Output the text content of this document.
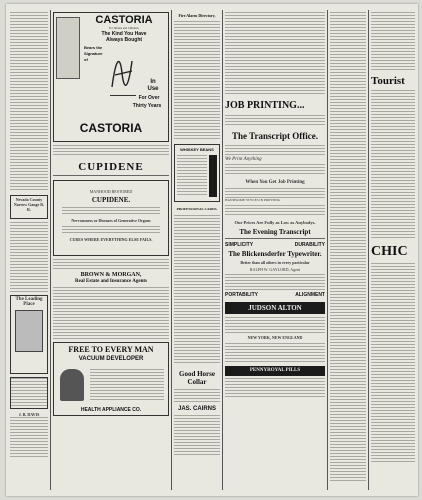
Nevada County Narrow Gauge R. R.
The Leading Place
J. B. DAVIS
CASTORIA
For Infants and Children.
The Kind You Have
Always Bought
Bears the
Signature
of
In
Use
For Over
Thirty Years
CASTORIA
CUPIDENE
MANHOOD RESTORED
CUPIDENE.
Nervousness or Diseases of Generative Organs
CURES WHERE EVERYTHING ELSE FAILS.
BROWN & MORGAN,
Real Estate and Insurance Agents
FREE TO EVERY MAN
VACUUM DEVELOPER
HEALTH APPLIANCE CO.
Fire Alarm Directory.
WHISKEY BEANS
PROFESSIONAL CARDS.
Good Horse Collar
JAS. CAIRNS
JOB PRINTING...
The Transcript Office.
We Print Anything
When You Get Job Printing
HANDSOME STYLES IN PRINTING
Our Prices Are Fully as Low as Anybodys.
The Evening Transcript
SIMPLICITY	DURABILITY
The Blickensderfer Typewriter.
Better than all others in every particular
RALPH W. GAYLORD, Agent
PORTABILITY	ALIGNMENT
JUDSON ALTON
NEW YORK, NEW ENGLAND
PENNYROYAL PILLS
Tourist
CHIC
